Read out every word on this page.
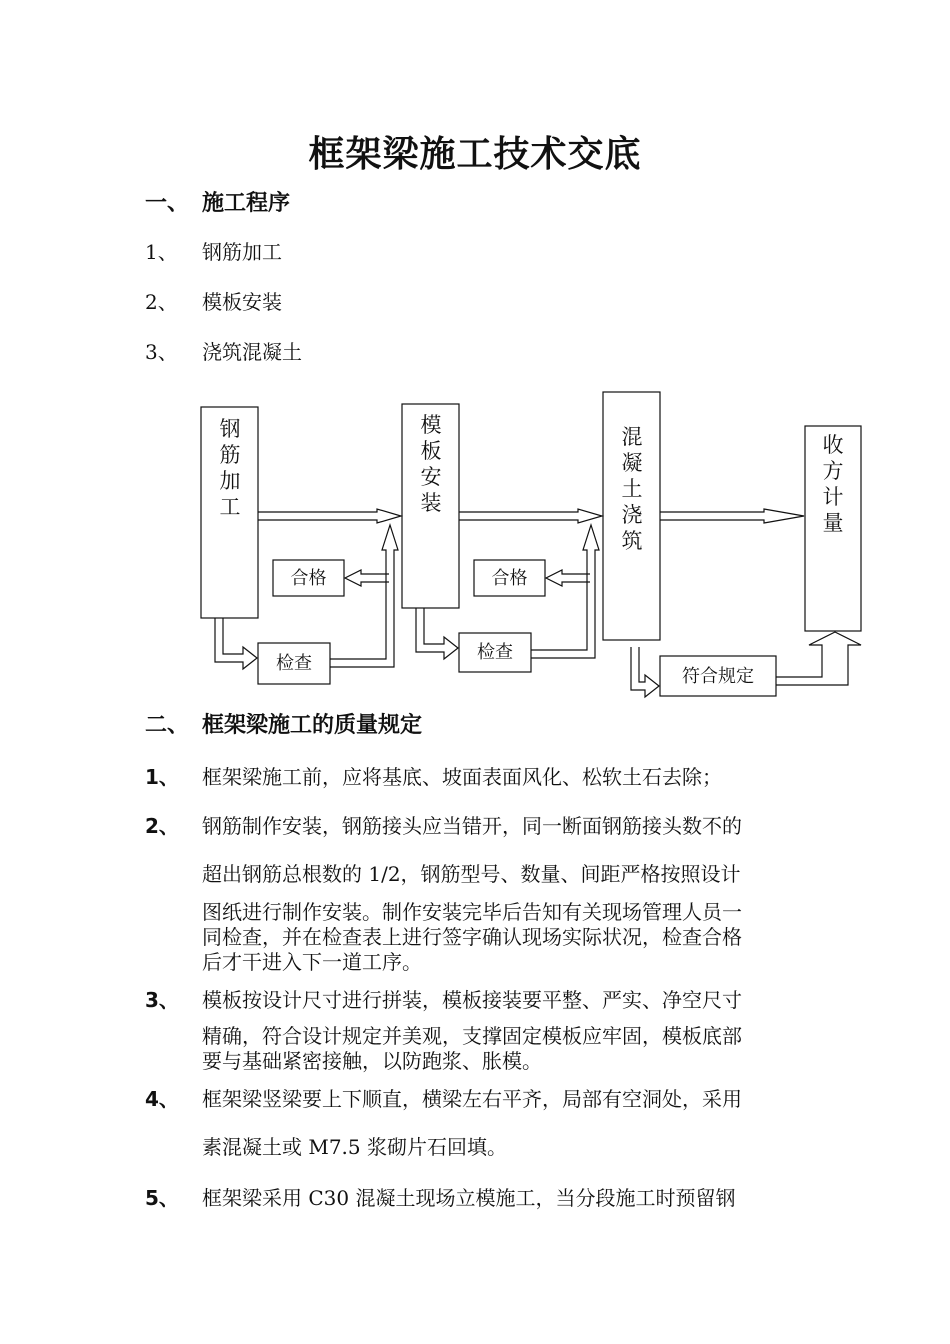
框架梁施工技术交底
一、 施工程序
1、 钢筋加工
2、 模板安装
3、 浇筑混凝土
钢
筋
加
工
模
板
安
装
混
凝
土
浇
筑
收
方
计
量
合格	合格
检查
检查
符合规定
二、 框架梁施工的质量规定
1、 框架梁施工前，应将基底、坡面表面风化、松软土石去除；
2、 钢筋制作安装，钢筋接头应当错开，同一断面钢筋接头数不的
超出钢筋总根数的 1/2，钢筋型号、数量、间距严格按照设计
图纸进行制作安装。制作安装完毕后告知有关现场管理人员一
同检查，并在检查表上进行签字确认现场实际状况，检查合格
后才干进入下一道工序。
3、 模板按设计尺寸进行拼装，模板接装要平整、严实、净空尺寸
精确，符合设计规定并美观，支撑固定模板应牢固，模板底部
要与基础紧密接触，以防跑浆、胀模。
4、 框架梁竖梁要上下顺直，横梁左右平齐，局部有空洞处，采用
素混凝土或 M7.5 浆砌片石回填。
5、 框架梁采用 C30 混凝土现场立模施工，当分段施工时预留钢
